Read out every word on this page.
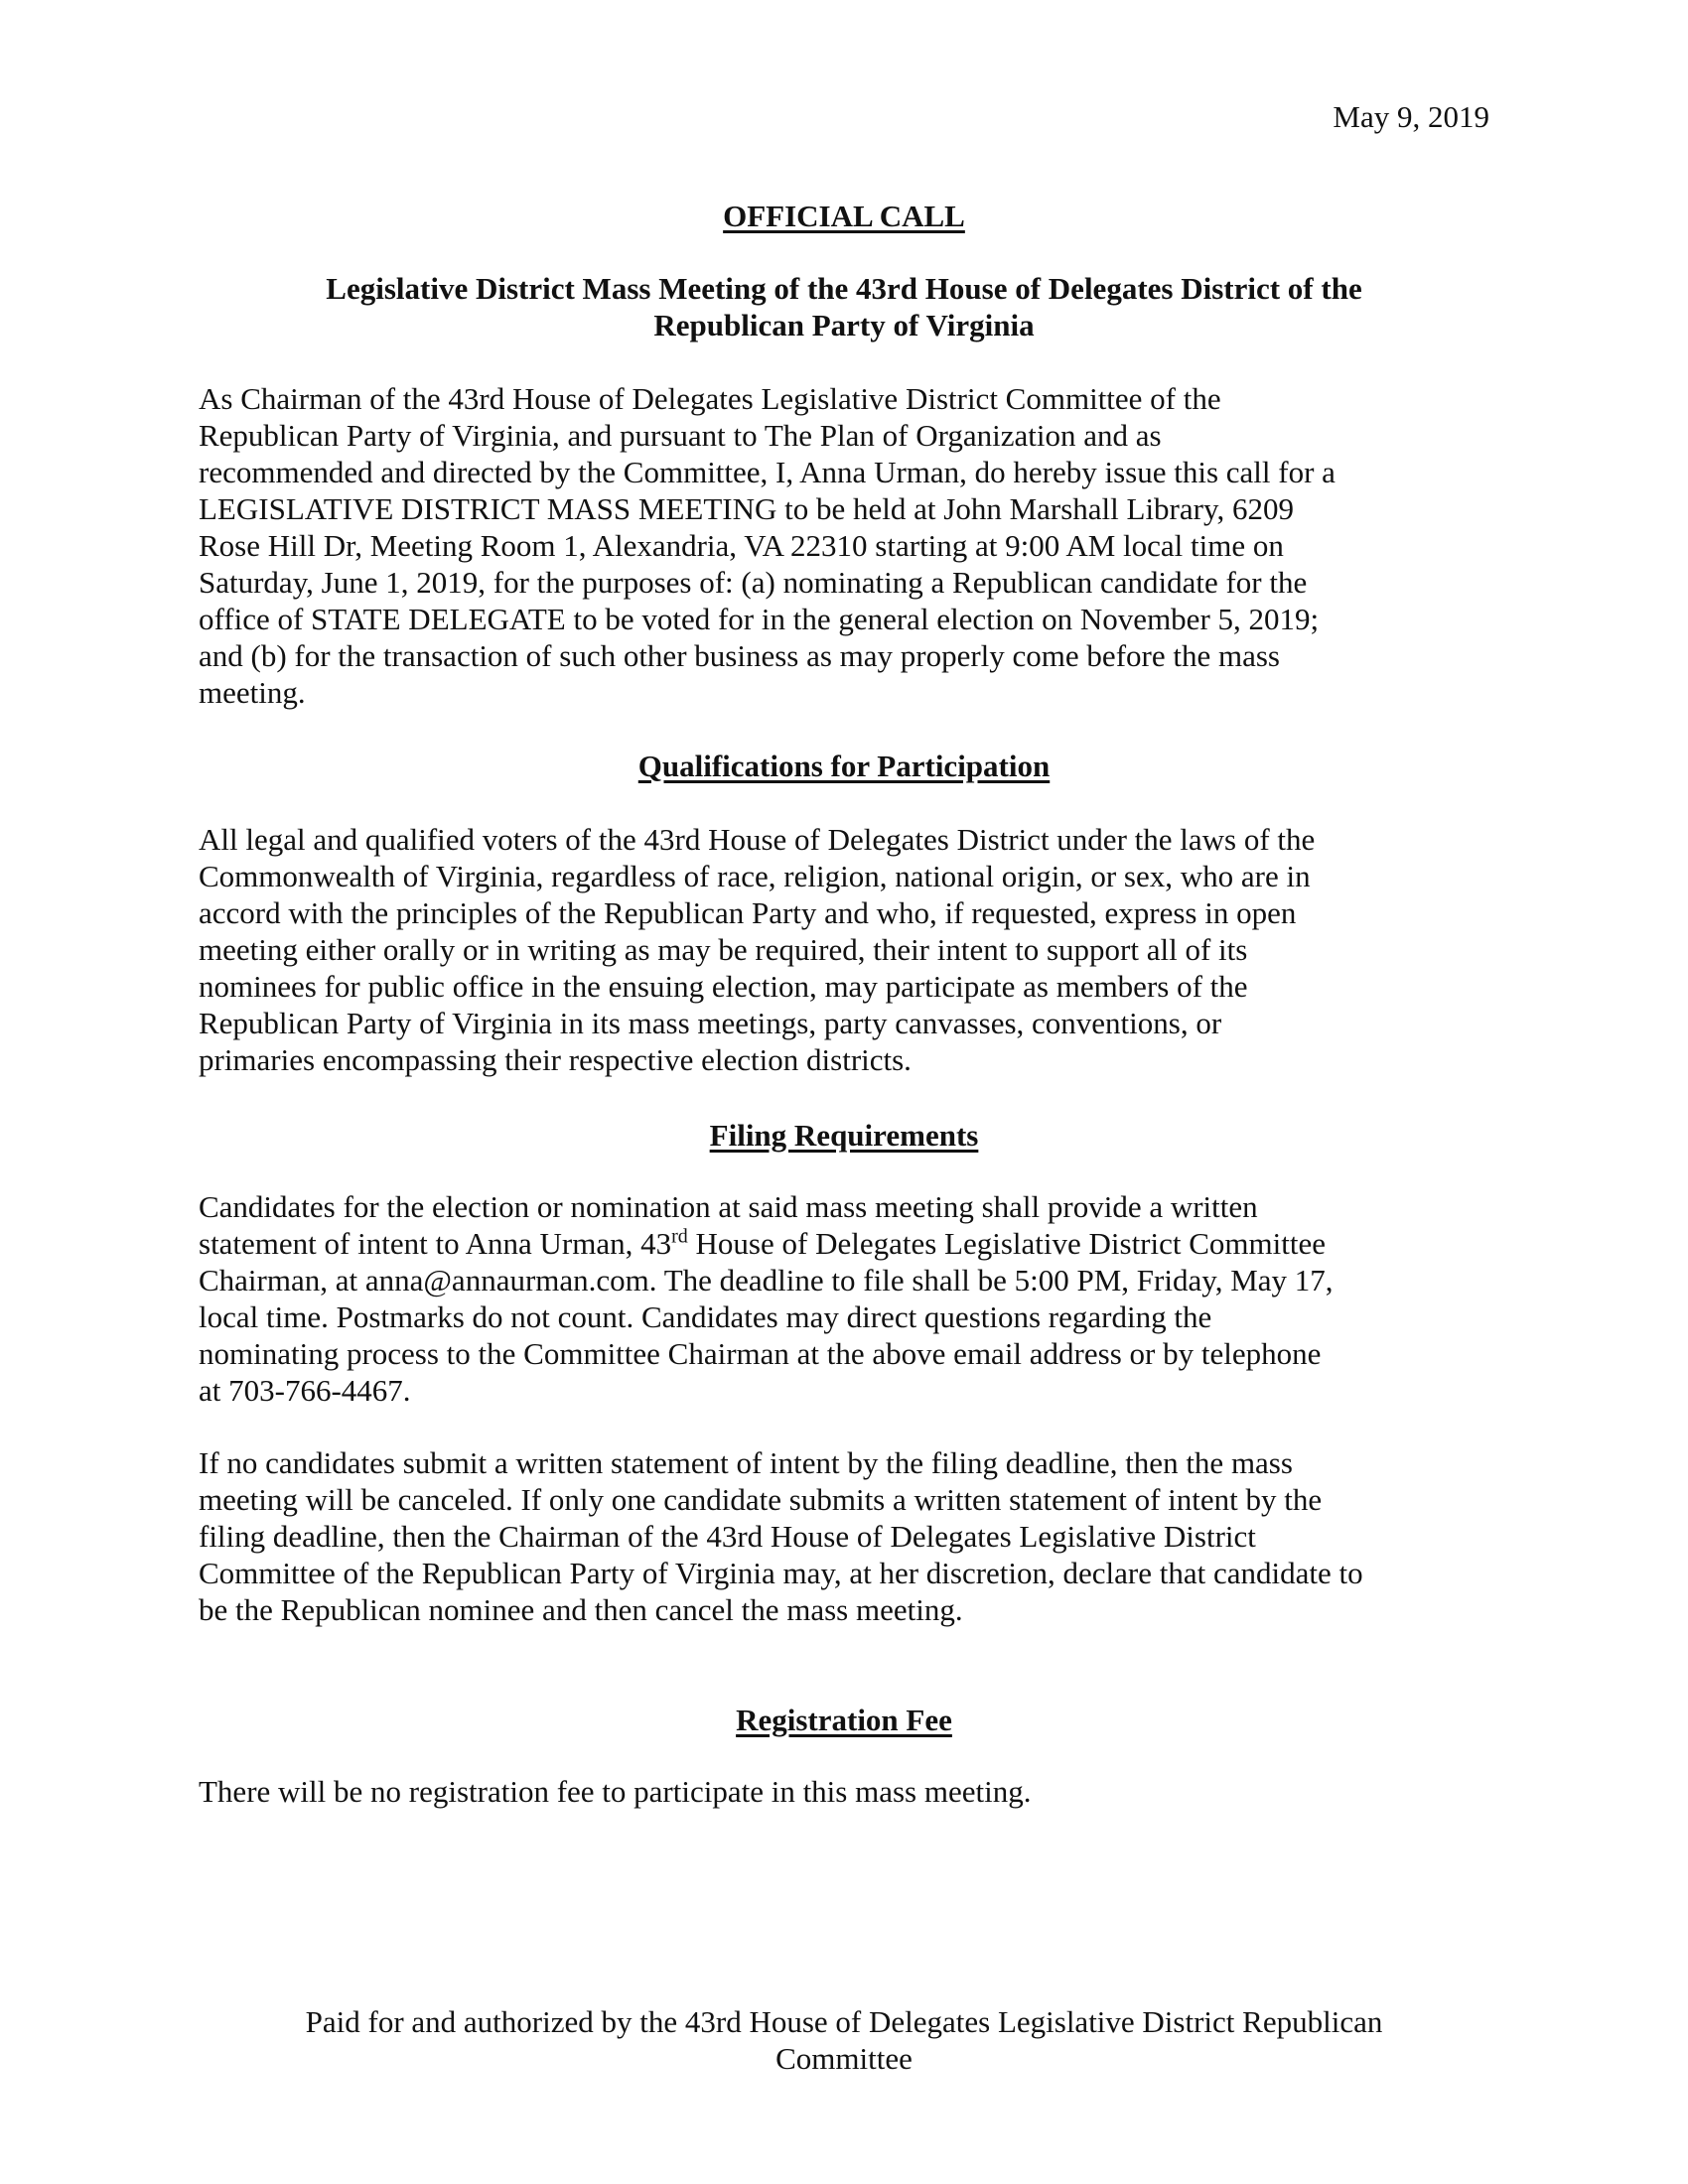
May 9, 2019

OFFICIAL CALL
Legislative District Mass Meeting of the 43rd House of Delegates District of the
Republican Party of Virginia

As Chairman of the 43rd House of Delegates Legislative District Committee of the
Republican Party of Virginia, and pursuant to The Plan of Organization and as
recommended and directed by the Committee, I, Anna Urman, do hereby issue this call for a
LEGISLATIVE DISTRICT MASS MEETING to be held at John Marshall Library, 6209
Rose Hill Dr, Meeting Room 1, Alexandria, VA 22310 starting at 9:00 AM local time on
Saturday, June 1, 2019, for the purposes of: (a) nominating a Republican candidate for the
office of STATE DELEGATE to be voted for in the general election on November 5, 2019;
and (b) for the transaction of such other business as may properly come before the mass
meeting.

Qualifications for Participation

All legal and qualified voters of the 43rd House of Delegates District under the laws of the
Commonwealth of Virginia, regardless of race, religion, national origin, or sex, who are in
accord with the principles of the Republican Party and who, if requested, express in open
meeting either orally or in writing as may be required, their intent to support all of its
nominees for public office in the ensuing election, may participate as members of the
Republican Party of Virginia in its mass meetings, party canvasses, conventions, or
primaries encompassing their respective election districts.

Filing Requirements

Candidates for the election or nomination at said mass meeting shall provide a written
statement of intent to Anna Urman, 43rd House of Delegates Legislative District Committee
Chairman, at anna@annaurman.com. The deadline to file shall be 5:00 PM, Friday, May 17,
local time. Postmarks do not count. Candidates may direct questions regarding the
nominating process to the Committee Chairman at the above email address or by telephone
at 703-766-4467.

If no candidates submit a written statement of intent by the filing deadline, then the mass
meeting will be canceled. If only one candidate submits a written statement of intent by the
filing deadline, then the Chairman of the 43rd House of Delegates Legislative District
Committee of the Republican Party of Virginia may, at her discretion, declare that candidate to
be the Republican nominee and then cancel the mass meeting.

Registration Fee

There will be no registration fee to participate in this mass meeting.

Paid for and authorized by the 43rd House of Delegates Legislative District Republican
Committee
